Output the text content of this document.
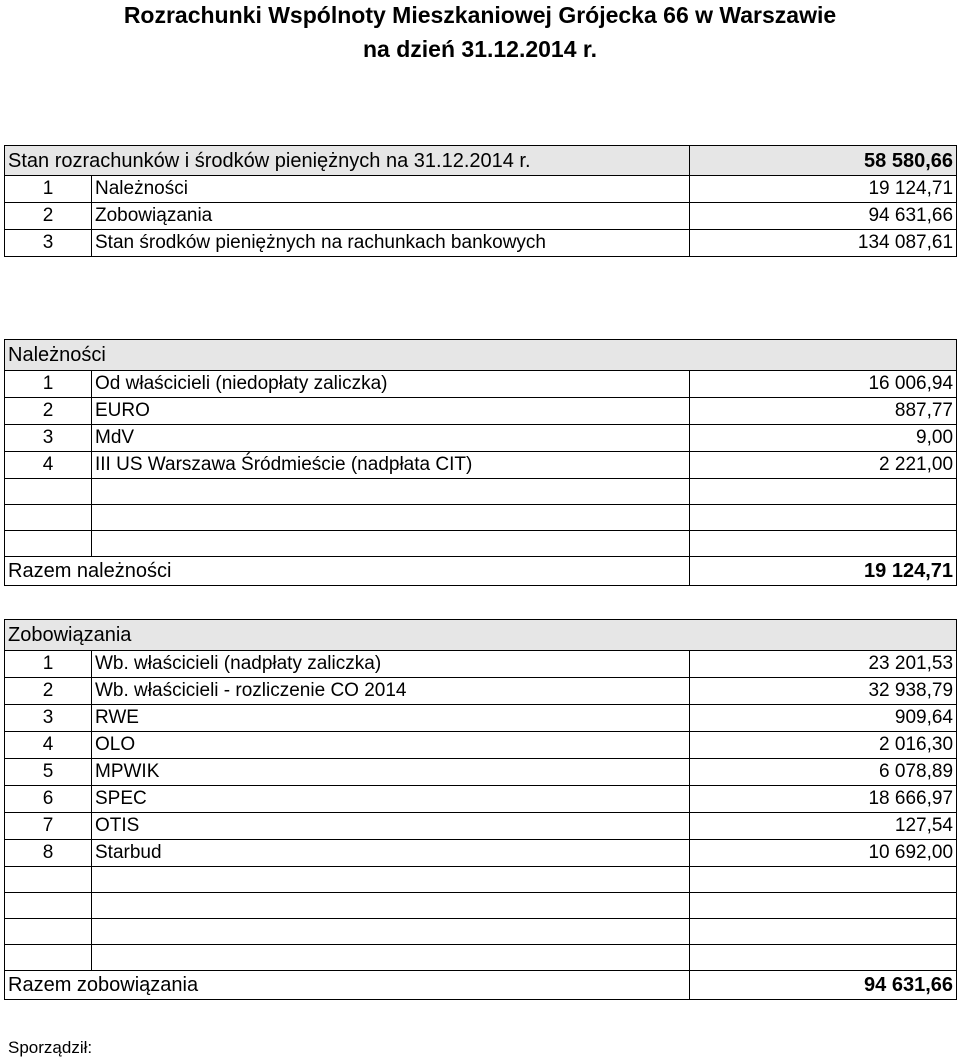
Rozrachunki Wspólnoty Mieszkaniowej Grójecka 66 w Warszawie
na dzień 31.12.2014 r.
Stan rozrachunków i środków pieniężnych na 31.12.2014 r.		58 580,66
1	Należności	19 124,71
2	Zobowiązania	94 631,66
3	Stan środków pieniężnych na rachunkach bankowych	134 087,61
Należności		
1	Od właścicieli (niedopłaty zaliczka)	16 006,94
2	EURO	887,77
3	MdV	9,00
4	III US Warszawa Śródmieście (nadpłata CIT)	2 221,00

Razem należności		19 124,71
Zobowiązania		
1	Wb. właścicieli (nadpłaty zaliczka)	23 201,53
2	Wb. właścicieli - rozliczenie CO 2014	32 938,79
3	RWE	909,64
4	OLO	2 016,30
5	MPWIK	6 078,89
6	SPEC	18 666,97
7	OTIS	127,54
8	Starbud	10 692,00

Razem zobowiązania		94 631,66
Sporządził:
